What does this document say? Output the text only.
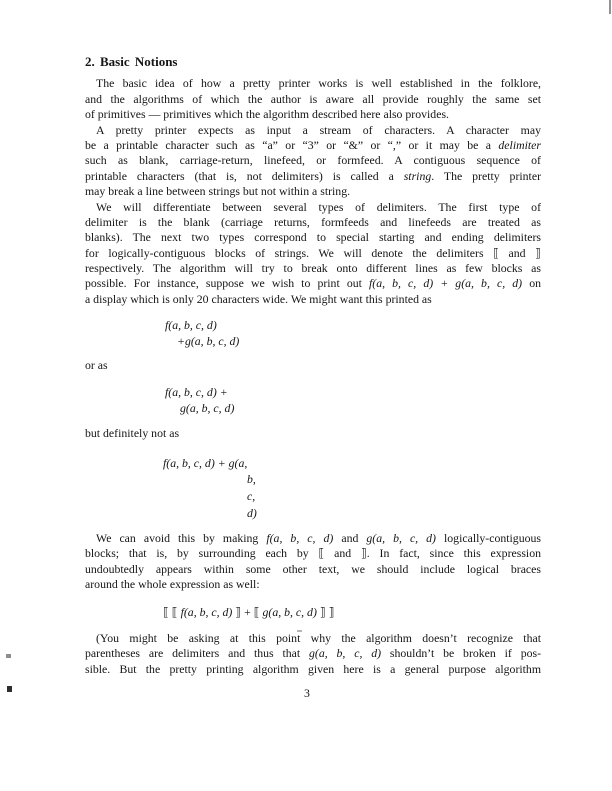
2. Basic Notions
The basic idea of how a pretty printer works is well established in the folklore,
and the algorithms of which the author is aware all provide roughly the same set
of primitives — primitives which the algorithm described here also provides.
A pretty printer expects as input a stream of characters. A character may
be a printable character such as “a” or “3” or “&” or “,” or it may be a delimiter
such as blank, carriage-return, linefeed, or formfeed. A contiguous sequence of
printable characters (that is, not delimiters) is called a string. The pretty printer
may break a line between strings but not within a string.
We will differentiate between several types of delimiters. The first type of
delimiter is the blank (carriage returns, formfeeds and linefeeds are treated as
blanks). The next two types correspond to special starting and ending delimiters
for logically-contiguous blocks of strings. We will denote the delimiters ⟦ and ⟧
respectively. The algorithm will try to break onto different lines as few blocks as
possible. For instance, suppose we wish to print out f(a, b, c, d) + g(a, b, c, d) on
a display which is only 20 characters wide. We might want this printed as
f(a, b, c, d)
+g(a, b, c, d)
or as
f(a, b, c, d) +
g(a, b, c, d)
but definitely not as
f(a, b, c, d) + g(a,
b,
c,
d)
We can avoid this by making f(a, b, c, d) and g(a, b, c, d) logically-contiguous
blocks; that is, by surrounding each by ⟦ and ⟧. In fact, since this expression
undoubtedly appears within some other text, we should include logical braces
around the whole expression as well:
⟦ ⟦ f(a, b, c, d) ⟧ + ⟦ g(a, b, c, d) ⟧ ⟧
(You might be asking at this point why the algorithm doesn’t recognize that
parentheses are delimiters and thus that g(a, b, c, d) shouldn’t be broken if pos-
sible. But the pretty printing algorithm given here is a general purpose algorithm
3
